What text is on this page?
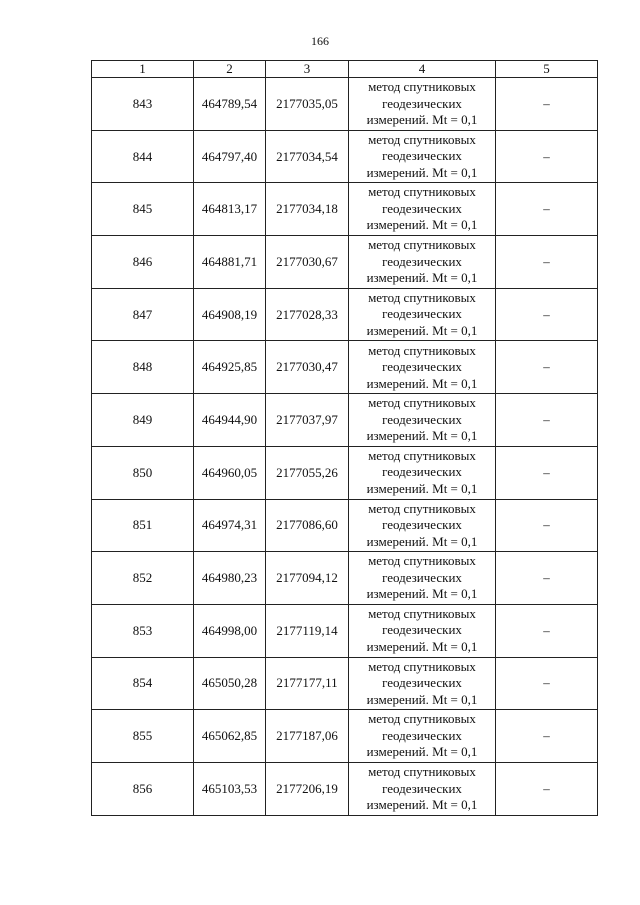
166
1	2	3	4	5
843	464789,54	2177035,05	метод спутниковых
геодезических
измерений. Mt = 0,1	–
844	464797,40	2177034,54	метод спутниковых
геодезических
измерений. Mt = 0,1	–
845	464813,17	2177034,18	метод спутниковых
геодезических
измерений. Mt = 0,1	–
846	464881,71	2177030,67	метод спутниковых
геодезических
измерений. Mt = 0,1	–
847	464908,19	2177028,33	метод спутниковых
геодезических
измерений. Mt = 0,1	–
848	464925,85	2177030,47	метод спутниковых
геодезических
измерений. Mt = 0,1	–
849	464944,90	2177037,97	метод спутниковых
геодезических
измерений. Mt = 0,1	–
850	464960,05	2177055,26	метод спутниковых
геодезических
измерений. Mt = 0,1	–
851	464974,31	2177086,60	метод спутниковых
геодезических
измерений. Mt = 0,1	–
852	464980,23	2177094,12	метод спутниковых
геодезических
измерений. Mt = 0,1	–
853	464998,00	2177119,14	метод спутниковых
геодезических
измерений. Mt = 0,1	–
854	465050,28	2177177,11	метод спутниковых
геодезических
измерений. Mt = 0,1	–
855	465062,85	2177187,06	метод спутниковых
геодезических
измерений. Mt = 0,1	–
856	465103,53	2177206,19	метод спутниковых
геодезических
измерений. Mt = 0,1	–
